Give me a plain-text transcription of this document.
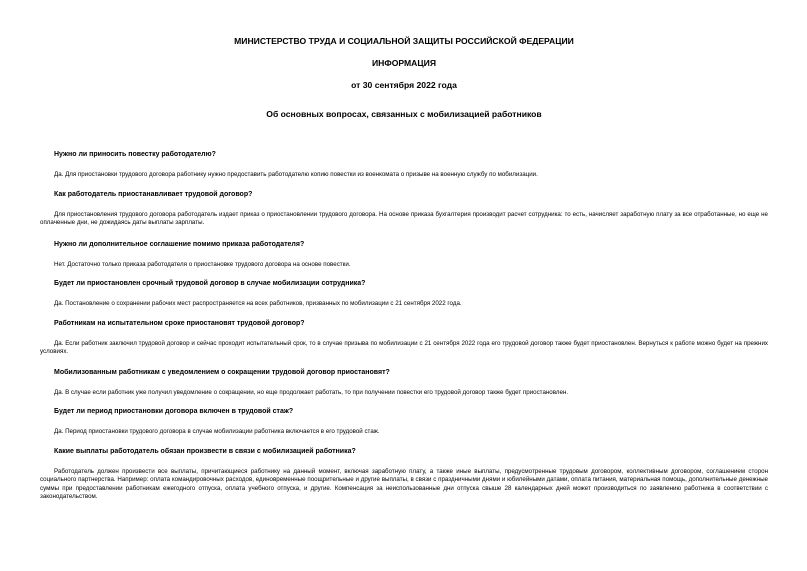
МИНИСТЕРСТВО ТРУДА И СОЦИАЛЬНОЙ ЗАЩИТЫ РОССИЙСКОЙ ФЕДЕРАЦИИ

ИНФОРМАЦИЯ

от 30 сентября 2022 года

Об основных вопросах, связанных с мобилизацией работников

Нужно ли приносить повестку работодателю?

Да. Для приостановки трудового договора работнику нужно предоставить работодателю копию повестки из военкомата о призыве на военную службу по мобилизации.

Как работодатель приостанавливает трудовой договор?

Для приостановления трудового договора работодатель издает приказ о приостановлении трудового договора. На основе приказа бухгалтерия производит расчет сотрудника: то есть, начисляет заработную плату за все отработанные, но еще не оплаченные дни, не дожидаясь даты выплаты зарплаты.

Нужно ли дополнительное соглашение помимо приказа работодателя?

Нет. Достаточно только приказа работодателя о приостановке трудового договора на основе повестки.

Будет ли приостановлен срочный трудовой договор в случае мобилизации сотрудника?

Да. Постановление о сохранении рабочих мест распространяется на всех работников, призванных по мобилизации с 21 сентября 2022 года.

Работникам на испытательном сроке приостановят трудовой договор?

Да. Если работник заключил трудовой договор и сейчас проходит испытательный срок, то в случае призыва по мобилизации с 21 сентября 2022 года его трудовой договор также будет приостановлен. Вернуться к работе можно будет на прежних условиях.

Мобилизованным работникам с уведомлением о сокращении трудовой договор приостановят?

Да. В случае если работник уже получил уведомление о сокращении, но еще продолжает работать, то при получении повестки его трудовой договор также будет приостановлен.

Будет ли период приостановки договора включен в трудовой стаж?

Да. Период приостановки трудового договора в случае мобилизации работника включается в его трудовой стаж.

Какие выплаты работодатель обязан произвести в связи с мобилизацией работника?

Работодатель должен произвести все выплаты, причитающиеся работнику на данный момент, включая заработную плату, а также иные выплаты, предусмотренные трудовым договором, коллективным договором, соглашением сторон социального партнерства. Например: оплата командировочных расходов, единовременные поощрительные и другие выплаты, в связи с праздничными днями и юбилейными датами, оплата питания, материальная помощь, дополнительные денежные суммы при предоставлении работникам ежегодного отпуска, оплата учебного отпуска, и другие. Компенсация за неиспользованные дни отпуска свыше 28 календарных дней может производиться по заявлению работника в соответствии с законодательством.
